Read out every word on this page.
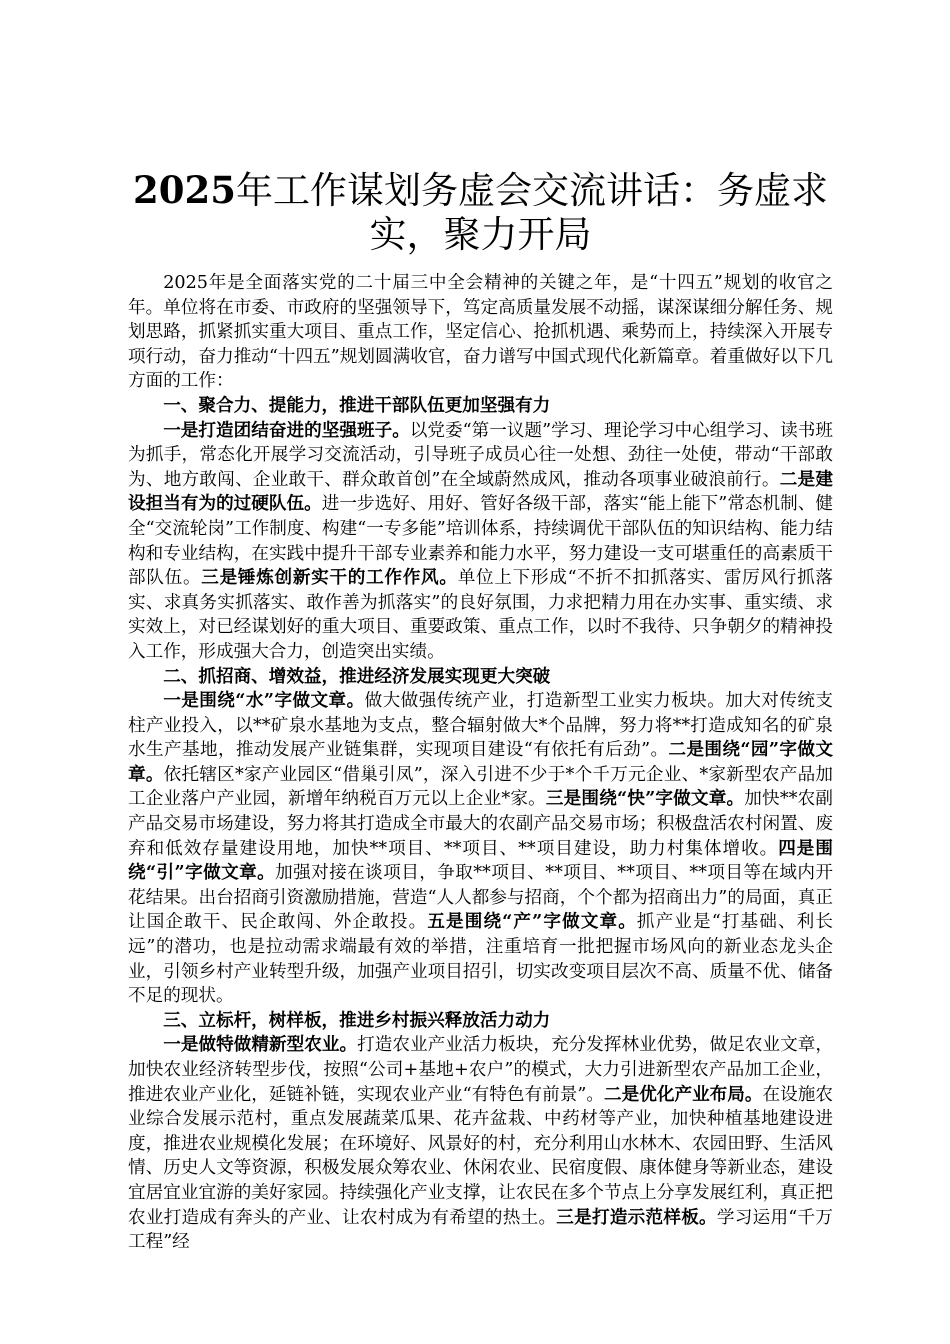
2025年工作谋划务虚会交流讲话：务虚求
实，聚力开局

2025年是全面落实党的二十届三中全会精神的关键之年，是“十四五”规划的收官之年。单位将在市委、市政府的坚强领导下，笃定高质量发展不动摇，谋深谋细分解任务、规划思路，抓紧抓实重大项目、重点工作，坚定信心、抢抓机遇、乘势而上，持续深入开展专项行动，奋力推动“十四五”规划圆满收官，奋力谱写中国式现代化新篇章。着重做好以下几方面的工作：

一、聚合力、提能力，推进干部队伍更加坚强有力

一是打造团结奋进的坚强班子。以党委“第一议题”学习、理论学习中心组学习、读书班为抓手，常态化开展学习交流活动，引导班子成员心往一处想、劲往一处使，带动“干部敢为、地方敢闯、企业敢干、群众敢首创”在全域蔚然成风，推动各项事业破浪前行。二是建设担当有为的过硬队伍。进一步选好、用好、管好各级干部，落实“能上能下”常态机制、健全“交流轮岗”工作制度、构建“一专多能”培训体系，持续调优干部队伍的知识结构、能力结构和专业结构，在实践中提升干部专业素养和能力水平，努力建设一支可堪重任的高素质干部队伍。三是锤炼创新实干的工作作风。单位上下形成“不折不扣抓落实、雷厉风行抓落实、求真务实抓落实、敢作善为抓落实”的良好氛围，力求把精力用在办实事、重实绩、求实效上，对已经谋划好的重大项目、重要政策、重点工作，以时不我待、只争朝夕的精神投入工作，形成强大合力，创造突出实绩。

二、抓招商、增效益，推进经济发展实现更大突破

一是围绕“水”字做文章。做大做强传统产业，打造新型工业实力板块。加大对传统支柱产业投入，以**矿泉水基地为支点，整合辐射做大*个品牌，努力将**打造成知名的矿泉水生产基地，推动发展产业链集群，实现项目建设“有依托有后劲”。二是围绕“园”字做文章。依托辖区*家产业园区“借巢引凤”，深入引进不少于*个千万元企业、*家新型农产品加工企业落户产业园，新增年纳税百万元以上企业*家。三是围绕“快”字做文章。加快**农副产品交易市场建设，努力将其打造成全市最大的农副产品交易市场；积极盘活农村闲置、废弃和低效存量建设用地，加快**项目、**项目、**项目建设，助力村集体增收。四是围绕“引”字做文章。加强对接在谈项目，争取**项目、**项目、**项目、**项目等在域内开花结果。出台招商引资激励措施，营造“人人都参与招商，个个都为招商出力”的局面，真正让国企敢干、民企敢闯、外企敢投。五是围绕“产”字做文章。抓产业是“打基础、利长远”的潜功，也是拉动需求端最有效的举措，注重培育一批把握市场风向的新业态龙头企业，引领乡村产业转型升级，加强产业项目招引，切实改变项目层次不高、质量不优、储备不足的现状。

三、立标杆，树样板，推进乡村振兴释放活力动力

一是做特做精新型农业。打造农业产业活力板块，充分发挥林业优势，做足农业文章，加快农业经济转型步伐，按照“公司+基地+农户”的模式，大力引进新型农产品加工企业，推进农业产业化，延链补链，实现农业产业“有特色有前景”。二是优化产业布局。在设施农业综合发展示范村，重点发展蔬菜瓜果、花卉盆栽、中药材等产业，加快种植基地建设进度，推进农业规模化发展；在环境好、风景好的村，充分利用山水林木、农园田野、生活风情、历史人文等资源，积极发展众筹农业、休闲农业、民宿度假、康体健身等新业态，建设宜居宜业宜游的美好家园。持续强化产业支撑，让农民在多个节点上分享发展红利，真正把农业打造成有奔头的产业、让农村成为有希望的热土。三是打造示范样板。学习运用“千万工程”经
